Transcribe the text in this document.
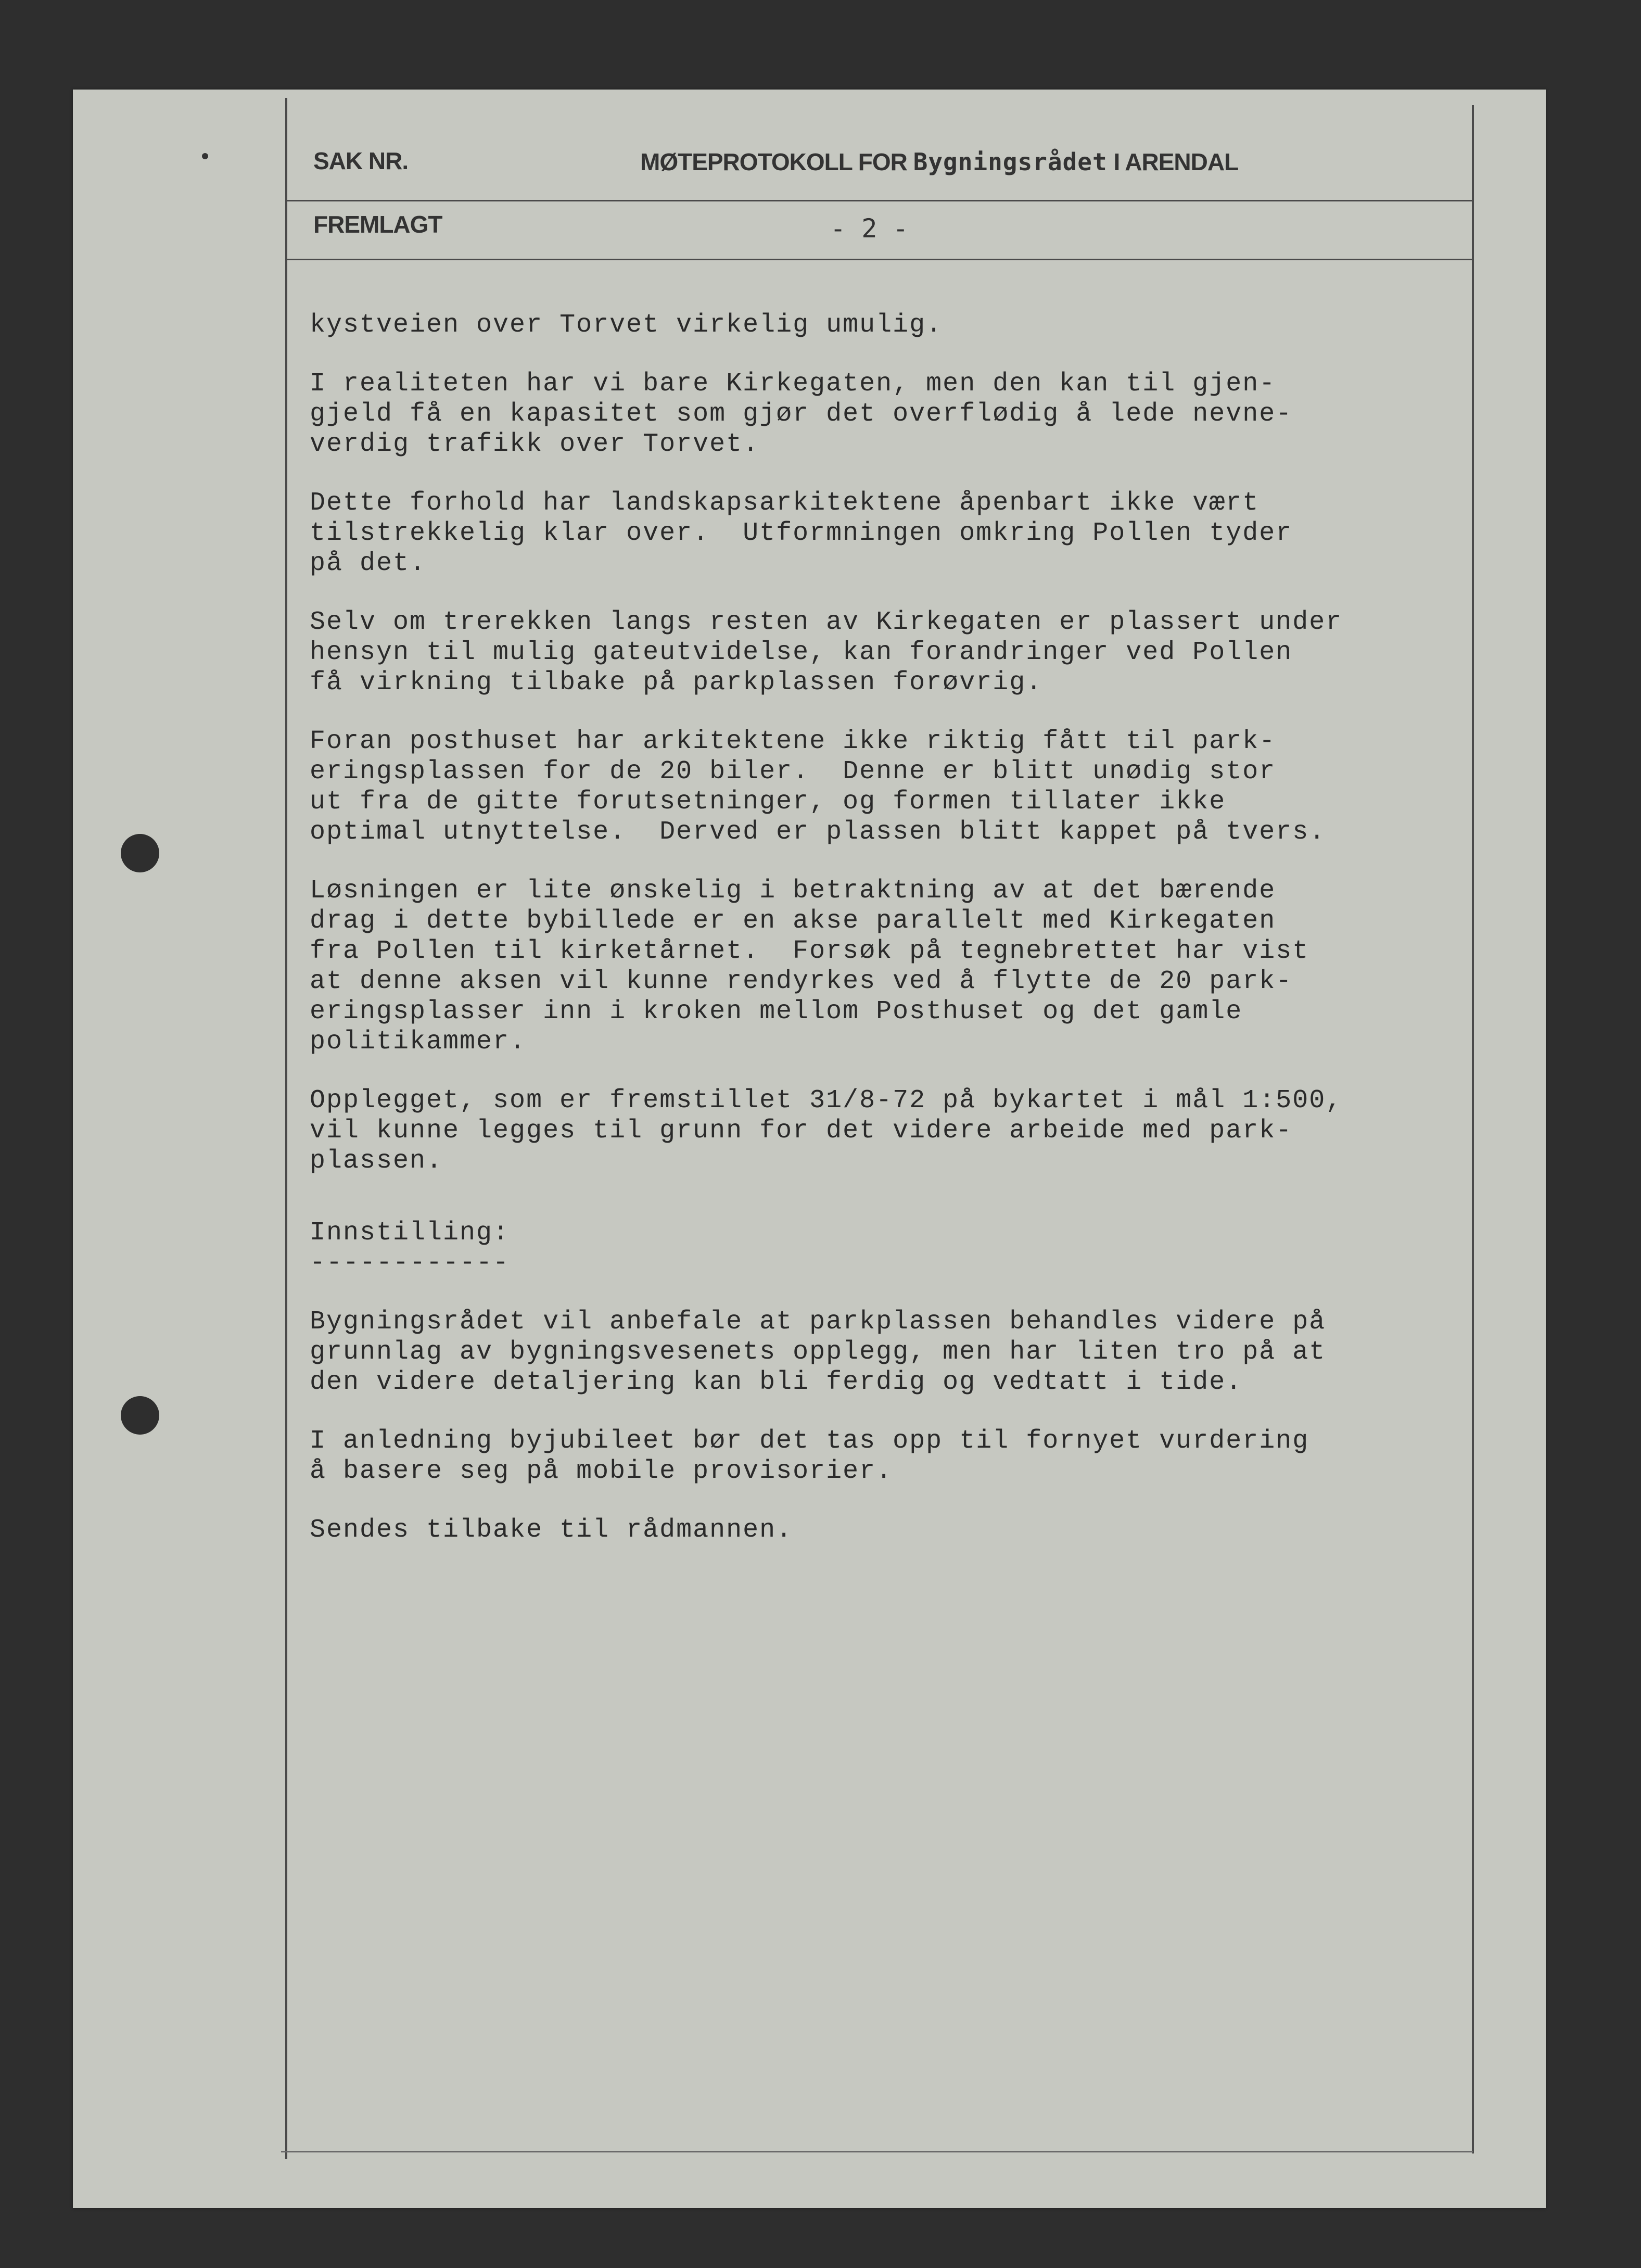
SAK NR.
FREMLAGT
MØTEPROTOKOLL FOR Bygningsrådet I ARENDAL
- 2 -

kystveien over Torvet virkelig umulig.

I realiteten har vi bare Kirkegaten, men den kan til gjen-
gjeld få en kapasitet som gjør det overflødig å lede nevne-
verdig trafikk over Torvet.

Dette forhold har landskapsarkitektene åpenbart ikke vært
tilstrekkelig klar over.  Utformningen omkring Pollen tyder
på det.

Selv om trerekken langs resten av Kirkegaten er plassert under
hensyn til mulig gateutvidelse, kan forandringer ved Pollen
få virkning tilbake på parkplassen forøvrig.

Foran posthuset har arkitektene ikke riktig fått til park-
eringsplassen for de 20 biler.  Denne er blitt unødig stor
ut fra de gitte forutsetninger, og formen tillater ikke
optimal utnyttelse.  Derved er plassen blitt kappet på tvers.

Løsningen er lite ønskelig i betraktning av at det bærende
drag i dette bybillede er en akse parallelt med Kirkegaten
fra Pollen til kirketårnet.  Forsøk på tegnebrettet har vist
at denne aksen vil kunne rendyrkes ved å flytte de 20 park-
eringsplasser inn i kroken mellom Posthuset og det gamle
politikammer.

Opplegget, som er fremstillet 31/8-72 på bykartet i mål 1:500,
vil kunne legges til grunn for det videre arbeide med park-
plassen.

Innstilling:
------------

Bygningsrådet vil anbefale at parkplassen behandles videre på
grunnlag av bygningsvesenets opplegg, men har liten tro på at
den videre detaljering kan bli ferdig og vedtatt i tide.

I anledning byjubileet bør det tas opp til fornyet vurdering
å basere seg på mobile provisorier.

Sendes tilbake til rådmannen.
